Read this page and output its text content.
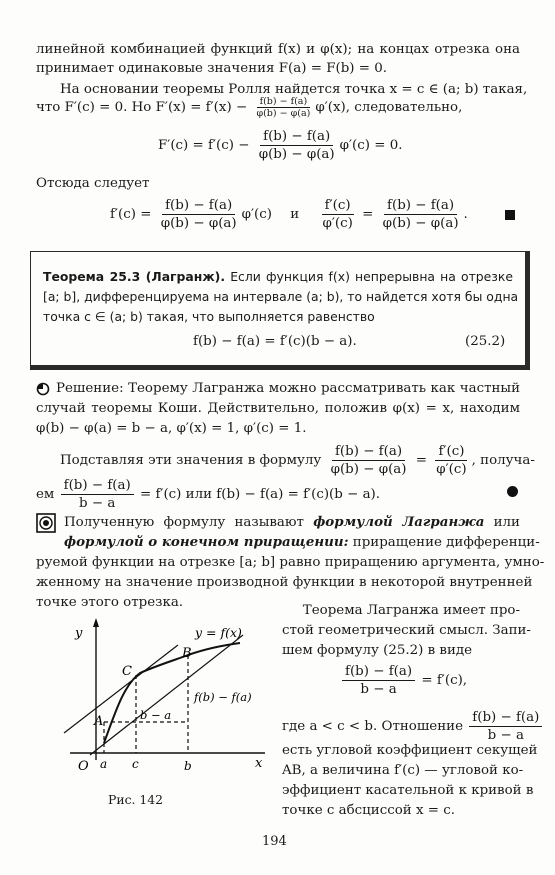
линейной комбинацией функций f(x) и φ(x); на концах отрезка она
принимает одинаковые значения F(a) = F(b) = 0.
На основании теоремы Ролля найдется точка x = c ∈ (a; b) такая,
что F′(c) = 0. Но $F'(x) = f'(x) - \frac{f(b) - f(a)}{\varphi(b) - \varphi(a)} \varphi'(x)$, следовательно,
$F'(c) = f'(c) - \frac{f(b) - f(a)}{\varphi(b) - \varphi(a)} \varphi'(c) = 0$.
Отсюда следует
$f'(c) = \frac{f(b) - f(a)}{\varphi(b) - \varphi(a)} \varphi'(c)$ и $\frac{f'(c)}{\varphi'(c)} = \frac{f(b) - f(a)}{\varphi(b) - \varphi(a)}$ .
Теорема 25.3 (Лагранж). Если функция f(x) непрерывна на отрезке
[a; b], дифференцируема на интервале (a; b), то найдется хотя бы одна
точка c ∈ (a; b) такая, что выполняется равенство
f(b) − f(a) = f′(c)(b − a).	(25.2)
Решение: Теорему Лагранжа можно рассматривать как частный
случай теоремы Коши. Действительно, положив φ(x) = x, находим
φ(b) − φ(a) = b − a, φ′(x) = 1, φ′(c) = 1.
Подставляя эти значения в формулу $\frac{f(b) - f(a)}{\varphi(b) - \varphi(a)} = \frac{f'(c)}{\varphi'(c)}$ , получа-
ем $\frac{f(b) - f(a)}{b - a} = f'(c)$ или f(b) − f(a) = f′(c)(b − a).
Полученную формулу называют формулой Лагранжа или
формулой о конечном приращении: приращение дифференци-
руемой функции на отрезке [a; b] равно приращению аргумента, умно-
женному на значение производной функции в некоторой внутренней
точке этого отрезка.
Теорема Лагранжа имеет про-
стой геометрический смысл. Запи-
шем формулу (25.2) в виде
$\frac{f(b) - f(a)}{b - a} = f'(c)$,
где a < c < b. Отношение $\frac{f(b) - f(a)}{b - a}$
есть угловой коэффициент секущей
AB, а величина f′(c) — угловой ко-
эффициент касательной к кривой в
точке с абсциссой x = c.
y
x
O
y = f(x)
A
B
C
a c	b
b − a
f(b) − f(a)
Рис. 142
194
